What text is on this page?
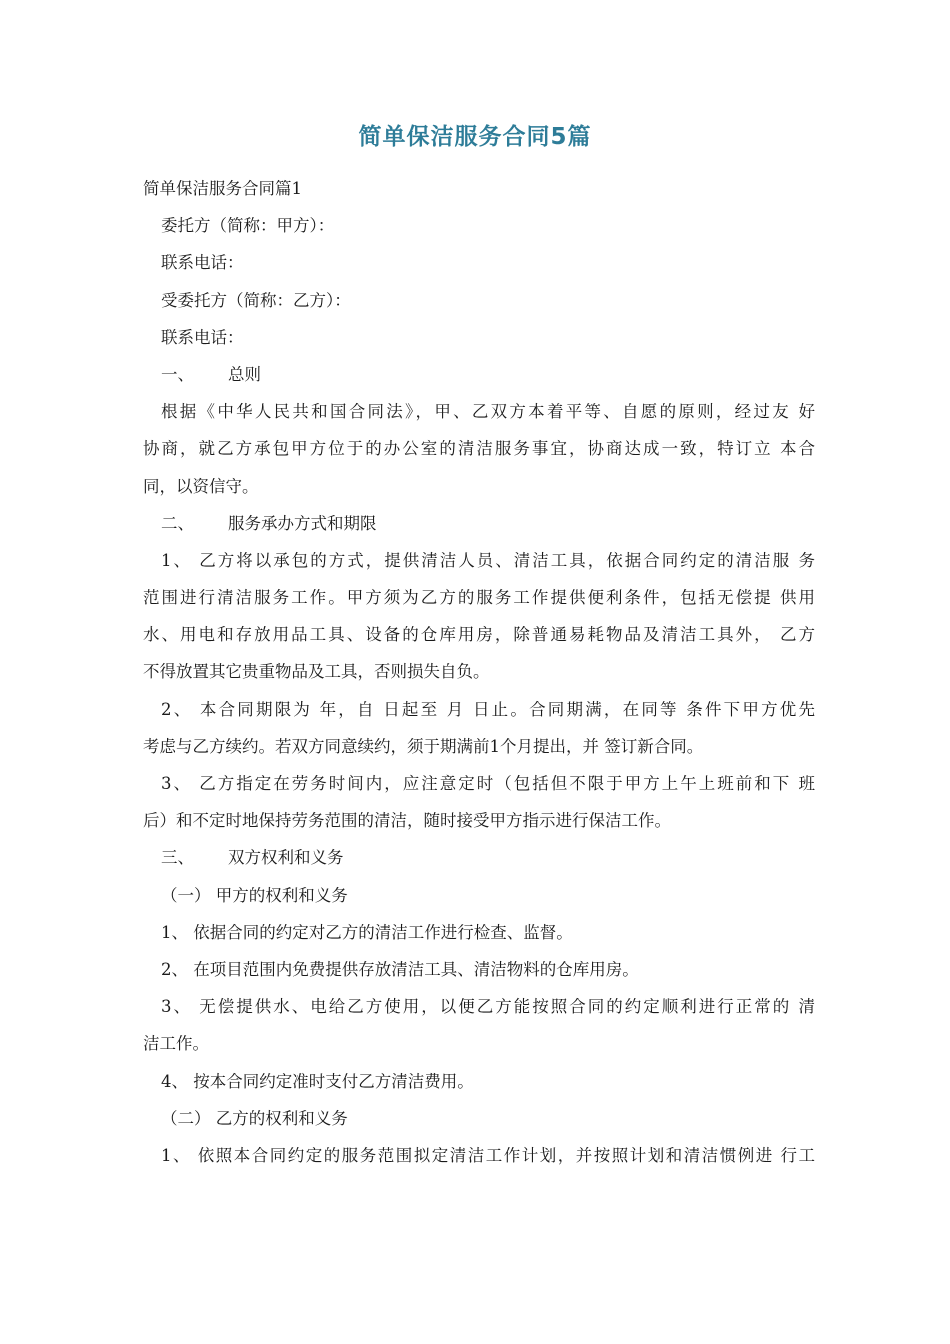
简单保洁服务合同5篇
简单保洁服务合同篇1
委托方（简称：甲方）：
联系电话：
受委托方（简称：乙方）：
联系电话：
一、 总则
根据《中华人民共和国合同法》，甲、乙双方本着平等、自愿的原则，经过友 好
协商，就乙方承包甲方位于的办公室的清洁服务事宜，协商达成一致，特订立 本合
同，以资信守。
二、 服务承办方式和期限
1、 乙方将以承包的方式，提供清洁人员、清洁工具，依据合同约定的清洁服 务
范围进行清洁服务工作。甲方须为乙方的服务工作提供便利条件，包括无偿提 供用
水、用电和存放用品工具、设备的仓库用房，除普通易耗物品及清洁工具外， 乙方
不得放置其它贵重物品及工具，否则损失自负。
2、 本合同期限为 年，自 日起至 月 日止。合同期满，在同等 条件下甲方优先
考虑与乙方续约。若双方同意续约，须于期满前1个月提出，并 签订新合同。
3、 乙方指定在劳务时间内，应注意定时（包括但不限于甲方上午上班前和下 班
后）和不定时地保持劳务范围的清洁，随时接受甲方指示进行保洁工作。
三、 双方权利和义务
（一） 甲方的权利和义务
1、 依据合同的约定对乙方的清洁工作进行检查、监督。
2、 在项目范围内免费提供存放清洁工具、清洁物料的仓库用房。
3、 无偿提供水、电给乙方使用，以便乙方能按照合同的约定顺利进行正常的 清
洁工作。
4、 按本合同约定准时支付乙方清洁费用。
（二） 乙方的权利和义务
1、 依照本合同约定的服务范围拟定清洁工作计划，并按照计划和清洁惯例进 行工
